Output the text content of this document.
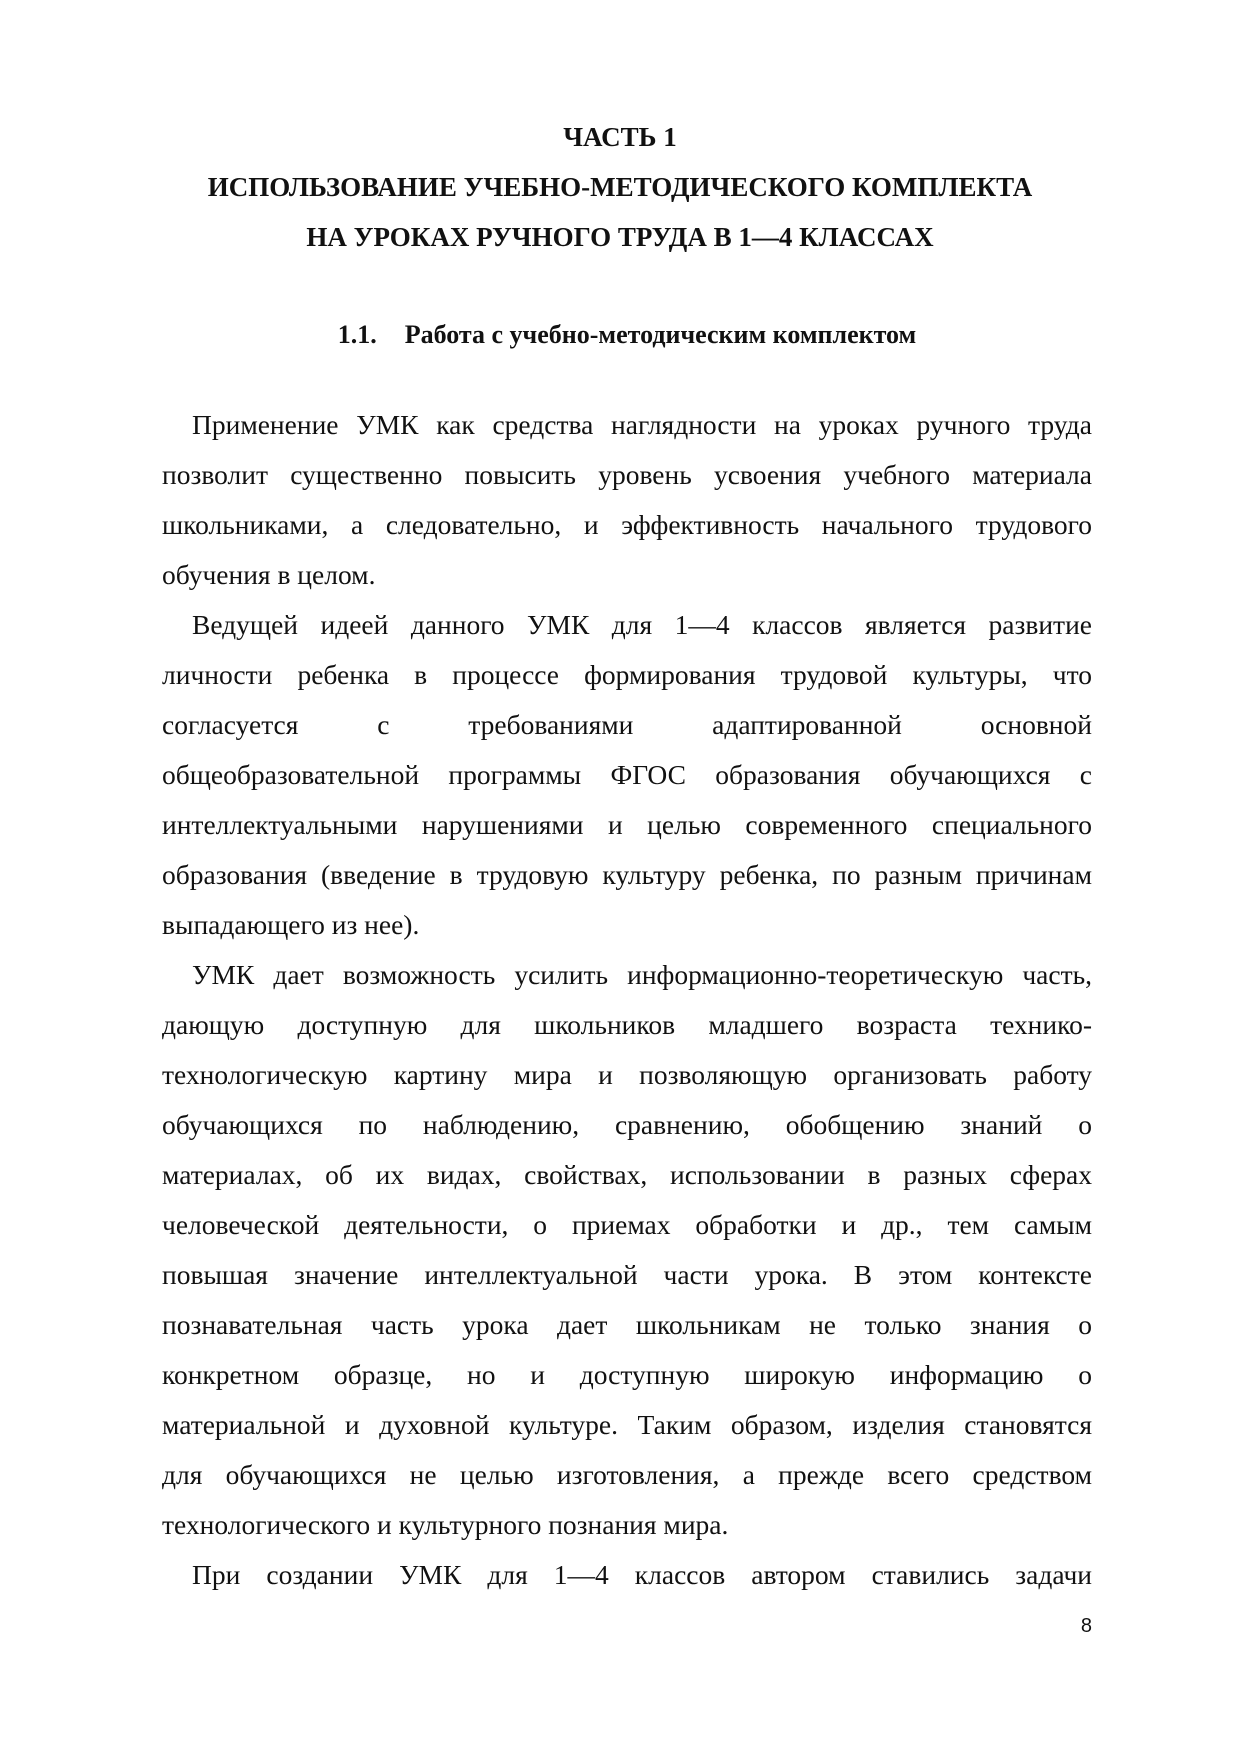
ЧАСТЬ 1
ИСПОЛЬЗОВАНИЕ УЧЕБНО-МЕТОДИЧЕСКОГО КОМПЛЕКТА
НА УРОКАХ РУЧНОГО ТРУДА В 1—4 КЛАССАХ
1.1. Работа с учебно-методическим комплектом
Применение УМК как средства наглядности на уроках ручного труда
позволит существенно повысить уровень усвоения учебного материала
школьниками, а следовательно, и эффективность начального трудового
обучения в целом.
Ведущей идеей данного УМК для 1—4 классов является развитие
личности ребенка в процессе формирования трудовой культуры, что
согласуется с требованиями адаптированной основной
общеобразовательной программы ФГОС образования обучающихся с
интеллектуальными нарушениями и целью современного специального
образования (введение в трудовую культуру ребенка, по разным причинам
выпадающего из нее).
УМК дает возможность усилить информационно-теоретическую часть,
дающую доступную для школьников младшего возраста технико-
технологическую картину мира и позволяющую организовать работу
обучающихся по наблюдению, сравнению, обобщению знаний о
материалах, об их видах, свойствах, использовании в разных сферах
человеческой деятельности, о приемах обработки и др., тем самым
повышая значение интеллектуальной части урока. В этом контексте
познавательная часть урока дает школьникам не только знания о
конкретном образце, но и доступную широкую информацию о
материальной и духовной культуре. Таким образом, изделия становятся
для обучающихся не целью изготовления, а прежде всего средством
технологического и культурного познания мира.
При создании УМК для 1—4 классов автором ставились задачи
8
